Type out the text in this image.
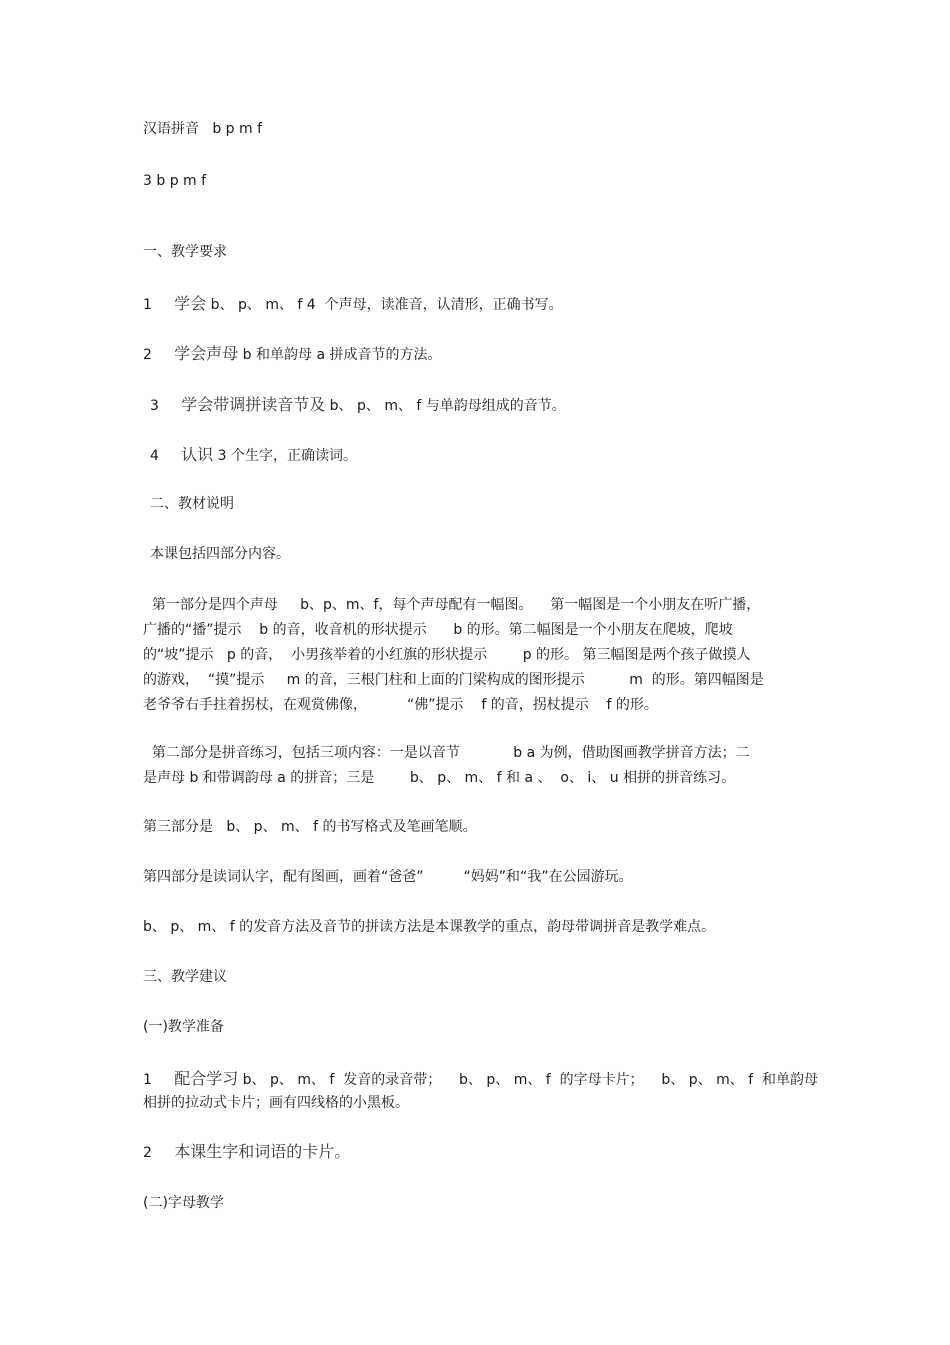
汉语拼音   b p m f
3 b p m f
一、教学要求
1 学会 b、 p、 m、 f 4  个声母，读准音，认清形，正确书写。
2 学会声母 b 和单韵母 a 拼成音节的方法。
3 学会带调拼读音节及 b、 p、 m、 f 与单韵母组成的音节。
4 认识 3 个生字，正确读词。
二、教材说明
本课包括四部分内容。
第一部分是四个声母     b、p、m、f，每个声母配有一幅图。    第一幅图是一个小朋友在听广播，
广播的“播”提示    b 的音，收音机的形状提示      b 的形。第二幅图是一个小朋友在爬坡，爬坡
的“坡”提示   p 的音，  小男孩举着的小红旗的形状提示        p 的形。 第三幅图是两个孩子做摸人
的游戏，  “摸”提示     m 的音，三根门柱和上面的门梁构成的图形提示          m  的形。第四幅图是
老爷爷右手拄着拐杖，在观赏佛像，         “佛”提示    f 的音，拐杖提示    f 的形。
第二部分是拼音练习，包括三项内容：一是以音节            b a 为例，借助图画教学拼音方法；二
是声母 b 和带调韵母 a 的拼音；三是        b、 p、 m、 f 和 a 、  o、 i、 u 相拼的拼音练习。
第三部分是   b、 p、 m、 f 的书写格式及笔画笔顺。
第四部分是读词认字，配有图画，画着“爸爸”         “妈妈”和“我”在公园游玩。
b、 p、 m、 f 的发音方法及音节的拼读方法是本课教学的重点，韵母带调拼音是教学难点。
三、教学建议
(一)教学准备
1 配合学习 b、 p、 m、 f  发音的录音带；    b、 p、 m、 f  的字母卡片；    b、 p、 m、 f  和单韵母
相拼的拉动式卡片；画有四线格的小黑板。
2 本课生字和词语的卡片。
(二)字母教学
